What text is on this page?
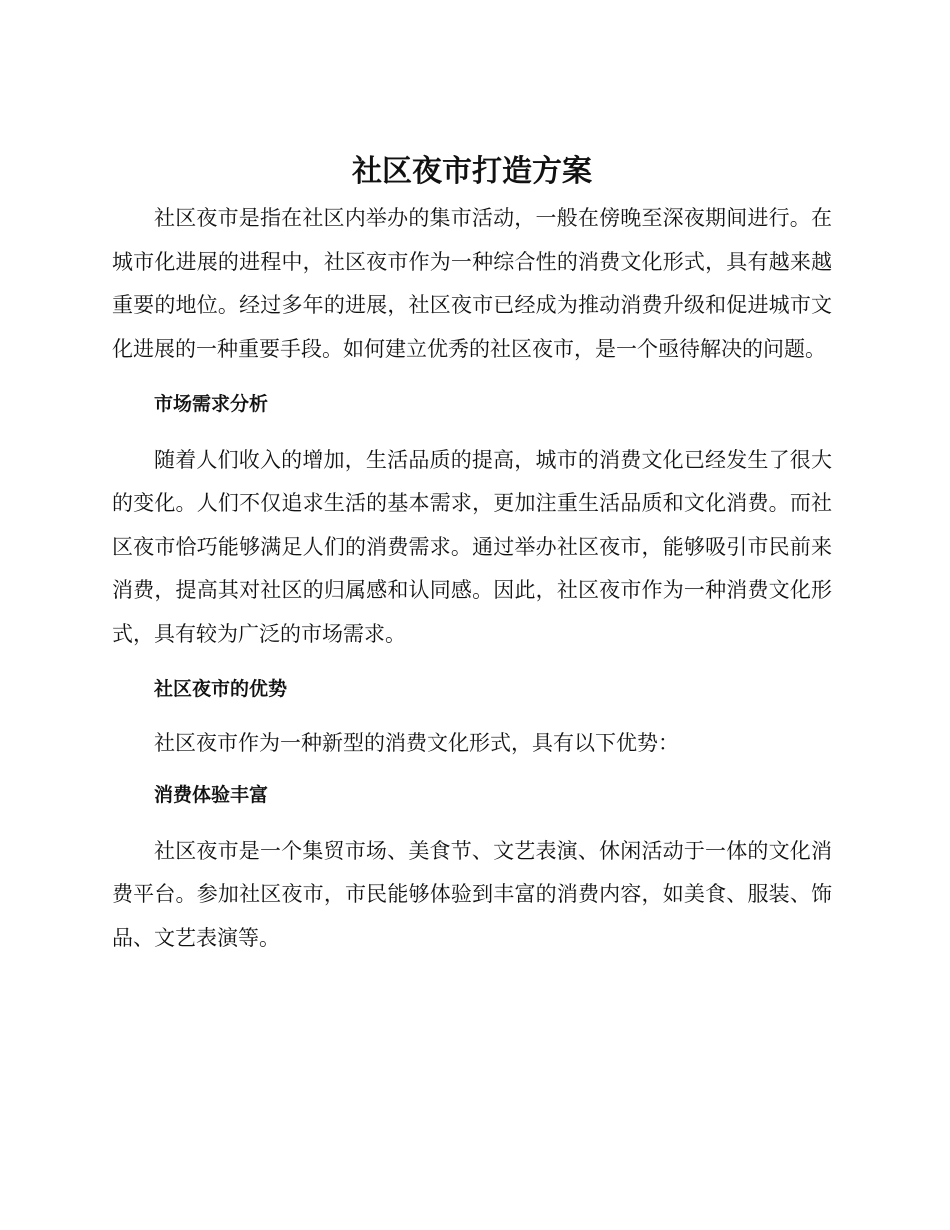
社区夜市打造方案

社区夜市是指在社区内举办的集市活动，一般在傍晚至深夜期间进行。在城市化进展的进程中，社区夜市作为一种综合性的消费文化形式，具有越来越重要的地位。经过多年的进展，社区夜市已经成为推动消费升级和促进城市文化进展的一种重要手段。如何建立优秀的社区夜市，是一个亟待解决的问题。

市场需求分析

随着人们收入的增加，生活品质的提高，城市的消费文化已经发生了很大的变化。人们不仅追求生活的基本需求，更加注重生活品质和文化消费。而社区夜市恰巧能够满足人们的消费需求。通过举办社区夜市，能够吸引市民前来消费，提高其对社区的归属感和认同感。因此，社区夜市作为一种消费文化形式，具有较为广泛的市场需求。

社区夜市的优势

社区夜市作为一种新型的消费文化形式，具有以下优势：

消费体验丰富

社区夜市是一个集贸市场、美食节、文艺表演、休闲活动于一体的文化消费平台。参加社区夜市，市民能够体验到丰富的消费内容，如美食、服装、饰品、文艺表演等。
